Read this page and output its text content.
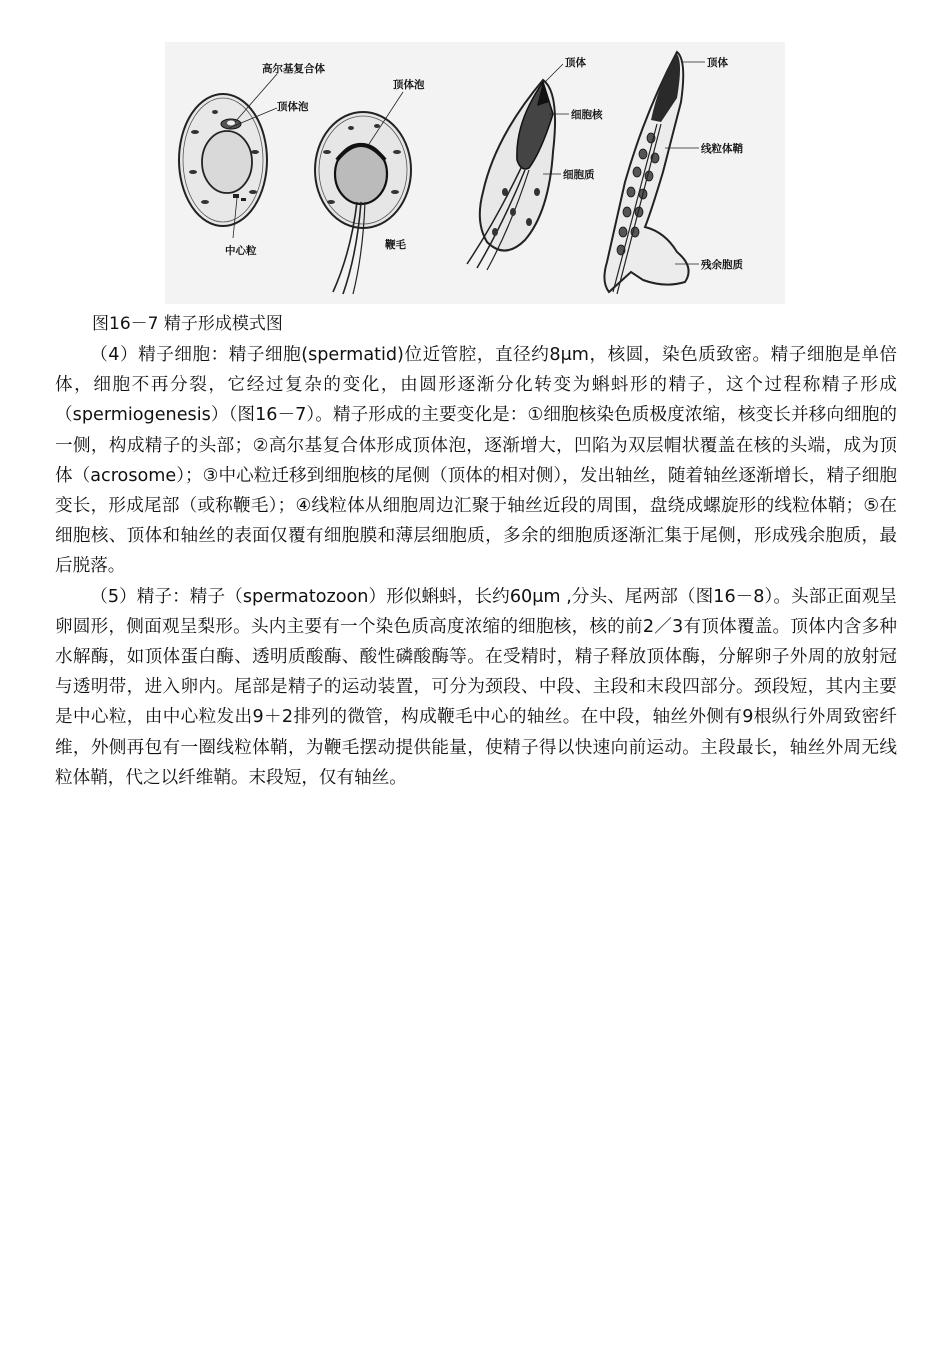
高尔基复合体
顶体泡
中心粒
顶体泡
鞭毛
顶体
细胞核
细胞质
顶体
线粒体鞘
残余胞质
图16－7 精子形成模式图

（4）精子细胞：精子细胞(spermatid)位近管腔，直径约8μm，核圆，染色质致密。精子细胞是单倍体，细胞不再分裂，它经过复杂的变化，由圆形逐渐分化转变为蝌蚪形的精子，这个过程称精子形成（spermiogenesis）（图16－7）。精子形成的主要变化是：①细胞核染色质极度浓缩，核变长并移向细胞的一侧，构成精子的头部；②高尔基复合体形成顶体泡，逐渐增大，凹陷为双层帽状覆盖在核的头端，成为顶体（acrosome）；③中心粒迁移到细胞核的尾侧（顶体的相对侧），发出轴丝，随着轴丝逐渐增长，精子细胞变长，形成尾部（或称鞭毛）；④线粒体从细胞周边汇聚于轴丝近段的周围，盘绕成螺旋形的线粒体鞘；⑤在细胞核、顶体和轴丝的表面仅覆有细胞膜和薄层细胞质，多余的细胞质逐渐汇集于尾侧，形成残余胞质，最后脱落。

（5）精子：精子（spermatozoon）形似蝌蚪，长约60μm ,分头、尾两部（图16－8）。头部正面观呈卵圆形，侧面观呈梨形。头内主要有一个染色质高度浓缩的细胞核，核的前2／3有顶体覆盖。顶体内含多种水解酶，如顶体蛋白酶、透明质酸酶、酸性磷酸酶等。在受精时，精子释放顶体酶，分解卵子外周的放射冠与透明带，进入卵内。尾部是精子的运动装置，可分为颈段、中段、主段和末段四部分。颈段短，其内主要是中心粒，由中心粒发出9＋2排列的微管，构成鞭毛中心的轴丝。在中段，轴丝外侧有9根纵行外周致密纤维，外侧再包有一圈线粒体鞘，为鞭毛摆动提供能量，使精子得以快速向前运动。主段最长，轴丝外周无线粒体鞘，代之以纤维鞘。末段短，仅有轴丝。
